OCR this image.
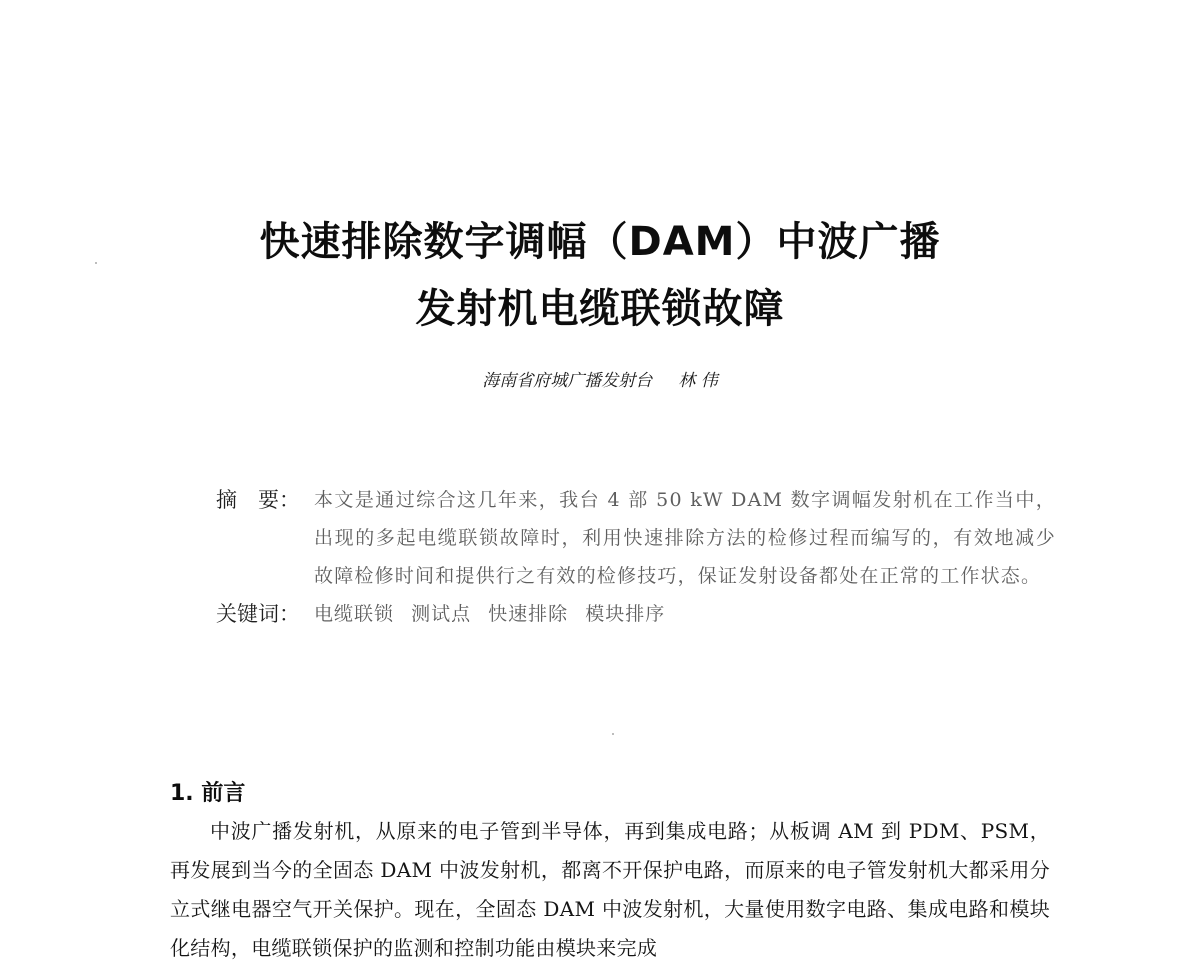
快速排除数字调幅（DAM）中波广播
发射机电缆联锁故障
海南省府城广播发射台 林 伟
摘　要： 本文是通过综合这几年来，我台 4 部 50 kW DAM 数字调幅发射机在工作当中，出现的多起电缆联锁故障时，利用快速排除方法的检修过程而编写的，有效地减少故障检修时间和提供行之有效的检修技巧，保证发射设备都处在正常的工作状态。
关键词： 电缆联锁 测试点 快速排除 模块排序
1. 前言

中波广播发射机，从原来的电子管到半导体，再到集成电路；从板调 AM 到 PDM、PSM，再发展到当今的全固态 DAM 中波发射机，都离不开保护电路，而原来的电子管发射机大都采用分立式继电器空气开关保护。现在，全固态 DAM 中波发射机，大量使用数字电路、集成电路和模块化结构，电缆联锁保护的监测和控制功能由模块来完成
